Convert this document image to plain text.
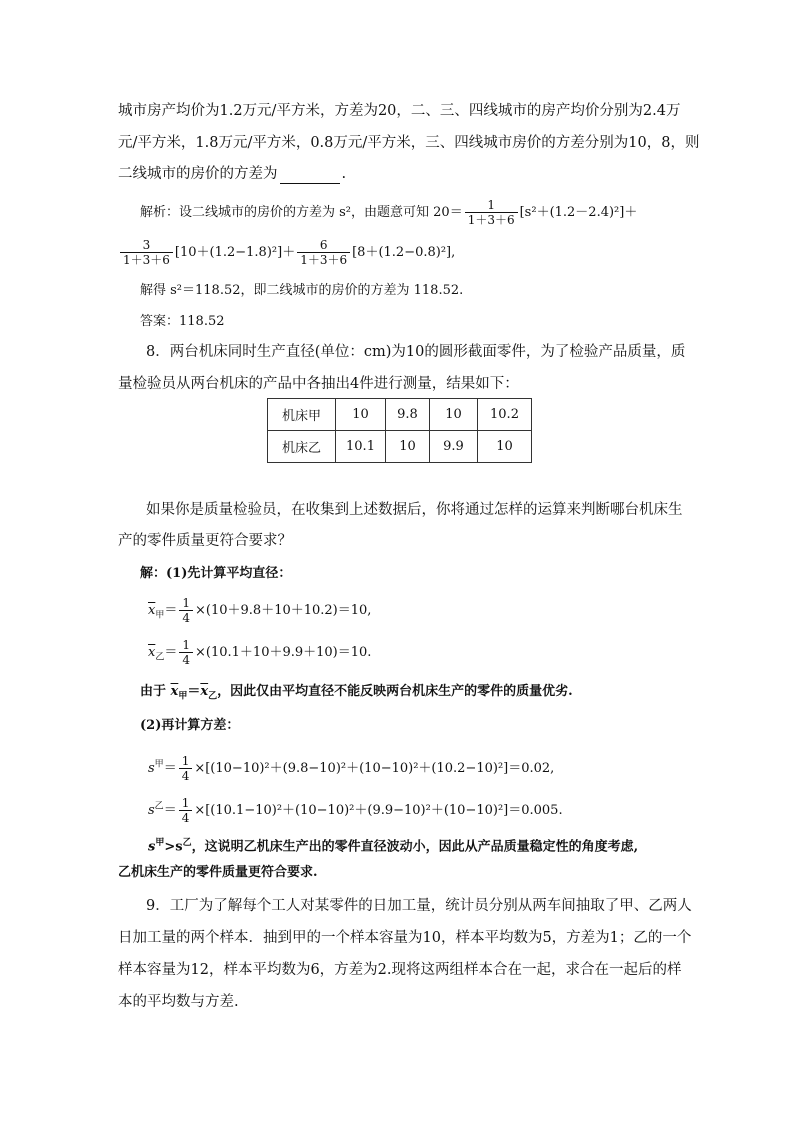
城市房产均价为1.2万元/平方米，方差为20，二、三、四线城市的房产均价分别为2.4万
元/平方米，1.8万元/平方米，0.8万元/平方米，三、四线城市房价的方差分别为10，8，则
二线城市的房价的方差为	.
解析：设二线城市的房价的方差为 s²，由题意可知 $20= \frac{1}{1+3+6} [s^2+(1.2-2.4)^2]+$
$\frac{3}{1+3+6} [10+(1.2-1.8)^2]+ \frac{6}{1+3+6} [8+(1.2-0.8)^2]$,
解得 s²＝118.52，即二线城市的房价的方差为 118.52.
答案：118.52
8．两台机床同时生产直径(单位：cm)为10的圆形截面零件，为了检验产品质量，质
量检验员从两台机床的产品中各抽出4件进行测量，结果如下：
机床甲	10	9.8	10	10.2
机床乙	10.1	10	9.9	10
如果你是质量检验员，在收集到上述数据后，你将通过怎样的运算来判断哪台机床生
产的零件质量更符合要求？
解：(1)先计算平均直径：
$\overline{x}_甲= \frac{1}{4} \times(10+9.8+10+10.2)=10$,
$\overline{x}_乙= \frac{1}{4} \times(10.1+10+9.9+10)=10$.
由于 $\overline{x}_甲=\overline{x}_乙$，因此仅由平均直径不能反映两台机床生产的零件的质量优劣.
(2)再计算方差：
$s^甲= \frac{1}{4} \times[(10-10)^2+(9.8-10)^2+(10-10)^2+(10.2-10)^2]=0.02$,
$s^乙= \frac{1}{4} \times[(10.1-10)^2+(10-10)^2+(9.9-10)^2+(10-10)^2]=0.005$.
$s^甲>s^乙$，这说明乙机床生产出的零件直径波动小，因此从产品质量稳定性的角度考虑,
乙机床生产的零件质量更符合要求.
9．工厂为了解每个工人对某零件的日加工量，统计员分别从两车间抽取了甲、乙两人
日加工量的两个样本．抽到甲的一个样本容量为10，样本平均数为5，方差为1；乙的一个
样本容量为12，样本平均数为6，方差为2.现将这两组样本合在一起，求合在一起后的样
本的平均数与方差.
